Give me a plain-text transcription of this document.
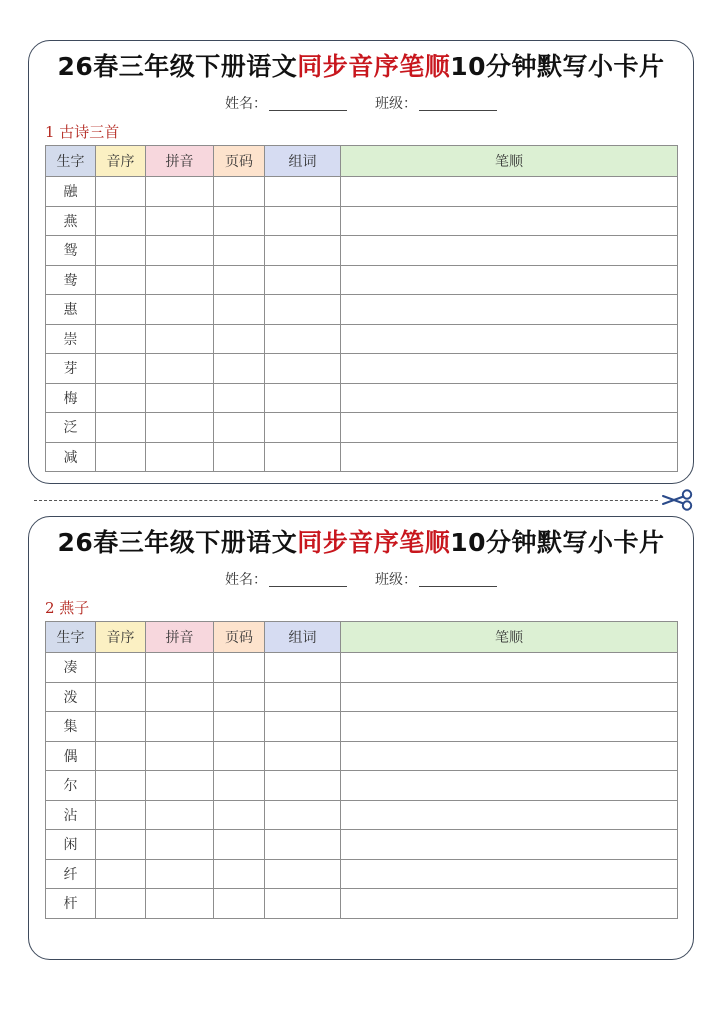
26春三年级下册语文同步音序笔顺10分钟默写小卡片
姓名：	班级：
1 古诗三首
生字	音序	拼音	页码	组词	笔顺
融					
燕					
鸳					
鸯					
惠					
崇					
芽					
梅					
泛					
减					
26春三年级下册语文同步音序笔顺10分钟默写小卡片
姓名：	班级：
2 燕子
生字	音序	拼音	页码	组词	笔顺
凑					
泼					
集					
偶					
尔					
沾					
闲					
纤					
杆					
